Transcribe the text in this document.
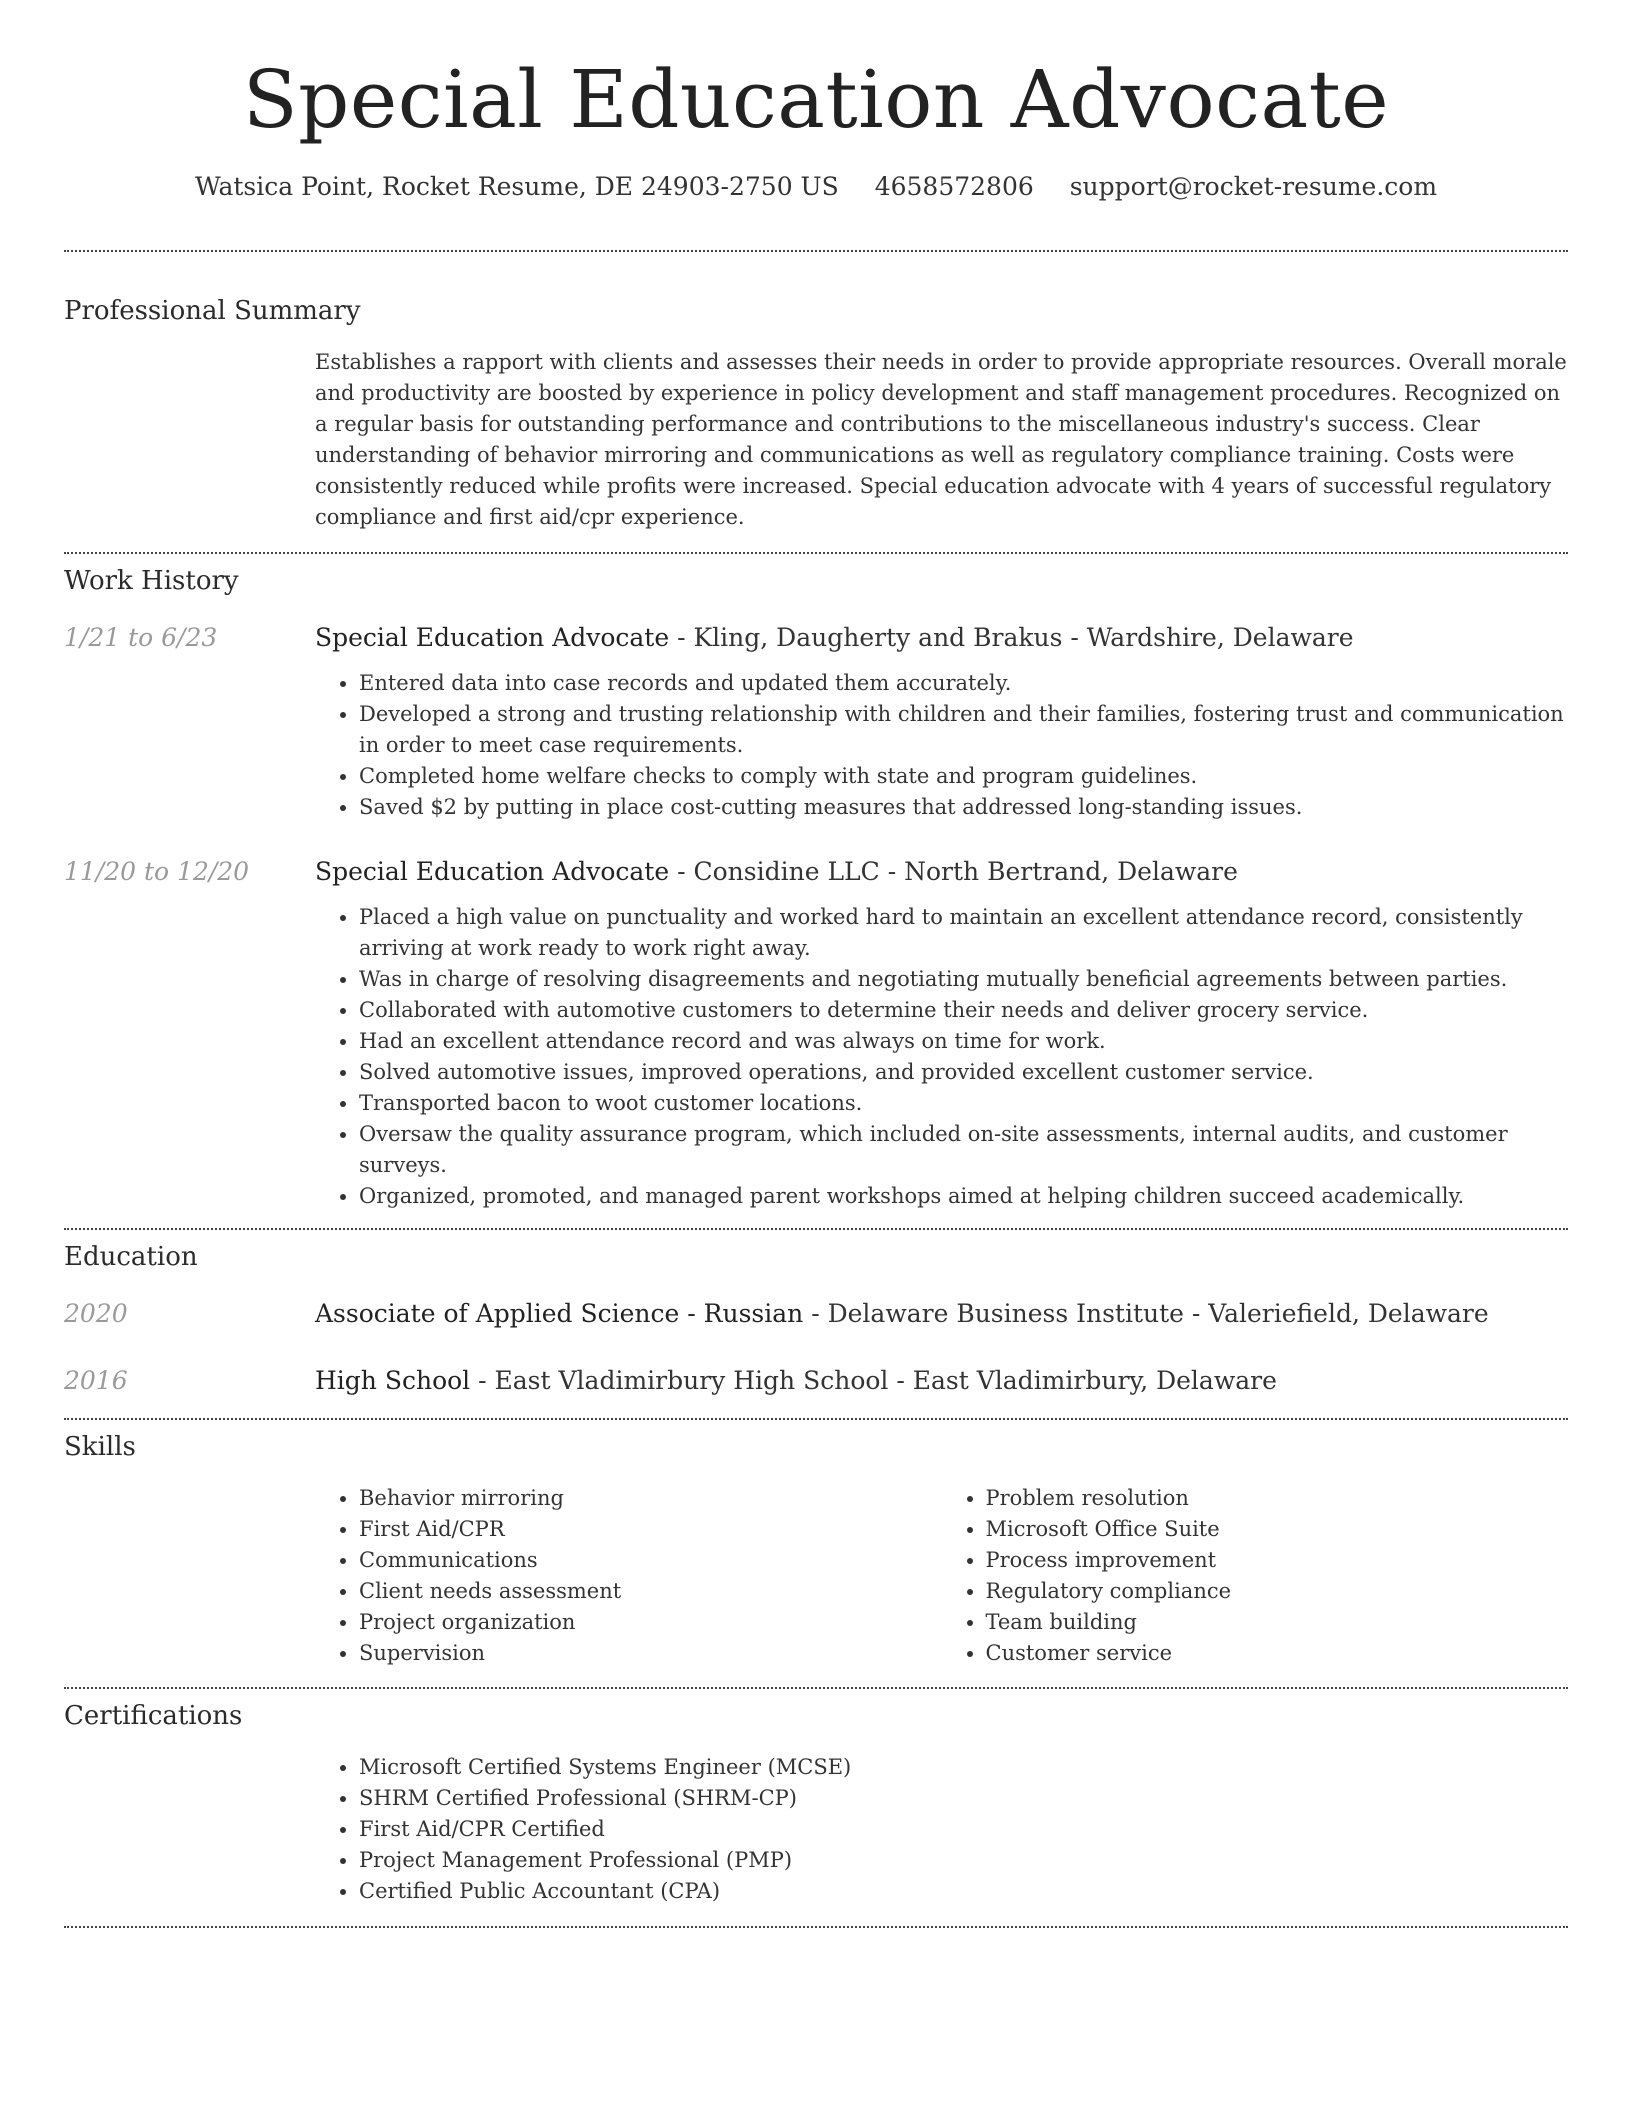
Special Education Advocate
Watsica Point, Rocket Resume, DE 24903-2750 US 4658572806 support@rocket-resume.com
Professional Summary
Establishes a rapport with clients and assesses their needs in order to provide appropriate resources. Overall morale and productivity are boosted by experience in policy development and staff management procedures. Recognized on a regular basis for outstanding performance and contributions to the miscellaneous industry's success. Clear understanding of behavior mirroring and communications as well as regulatory compliance training. Costs were consistently reduced while profits were increased. Special education advocate with 4 years of successful regulatory compliance and first aid/cpr experience.
Work History
1/21 to 6/23	Special Education Advocate - Kling, Daugherty and Brakus - Wardshire, Delaware
• Entered data into case records and updated them accurately.
• Developed a strong and trusting relationship with children and their families, fostering trust and communication in order to meet case requirements.
• Completed home welfare checks to comply with state and program guidelines.
• Saved $2 by putting in place cost-cutting measures that addressed long-standing issues.
11/20 to 12/20	Special Education Advocate - Considine LLC - North Bertrand, Delaware
• Placed a high value on punctuality and worked hard to maintain an excellent attendance record, consistently arriving at work ready to work right away.
• Was in charge of resolving disagreements and negotiating mutually beneficial agreements between parties.
• Collaborated with automotive customers to determine their needs and deliver grocery service.
• Had an excellent attendance record and was always on time for work.
• Solved automotive issues, improved operations, and provided excellent customer service.
• Transported bacon to woot customer locations.
• Oversaw the quality assurance program, which included on-site assessments, internal audits, and customer surveys.
• Organized, promoted, and managed parent workshops aimed at helping children succeed academically.
Education
2020	Associate of Applied Science - Russian - Delaware Business Institute - Valeriefield, Delaware
2016	High School - East Vladimirbury High School - East Vladimirbury, Delaware
Skills
• Behavior mirroring
• First Aid/CPR
• Communications
• Client needs assessment
• Project organization
• Supervision
• Problem resolution
• Microsoft Office Suite
• Process improvement
• Regulatory compliance
• Team building
• Customer service
Certifications
• Microsoft Certified Systems Engineer (MCSE)
• SHRM Certified Professional (SHRM-CP)
• First Aid/CPR Certified
• Project Management Professional (PMP)
• Certified Public Accountant (CPA)
